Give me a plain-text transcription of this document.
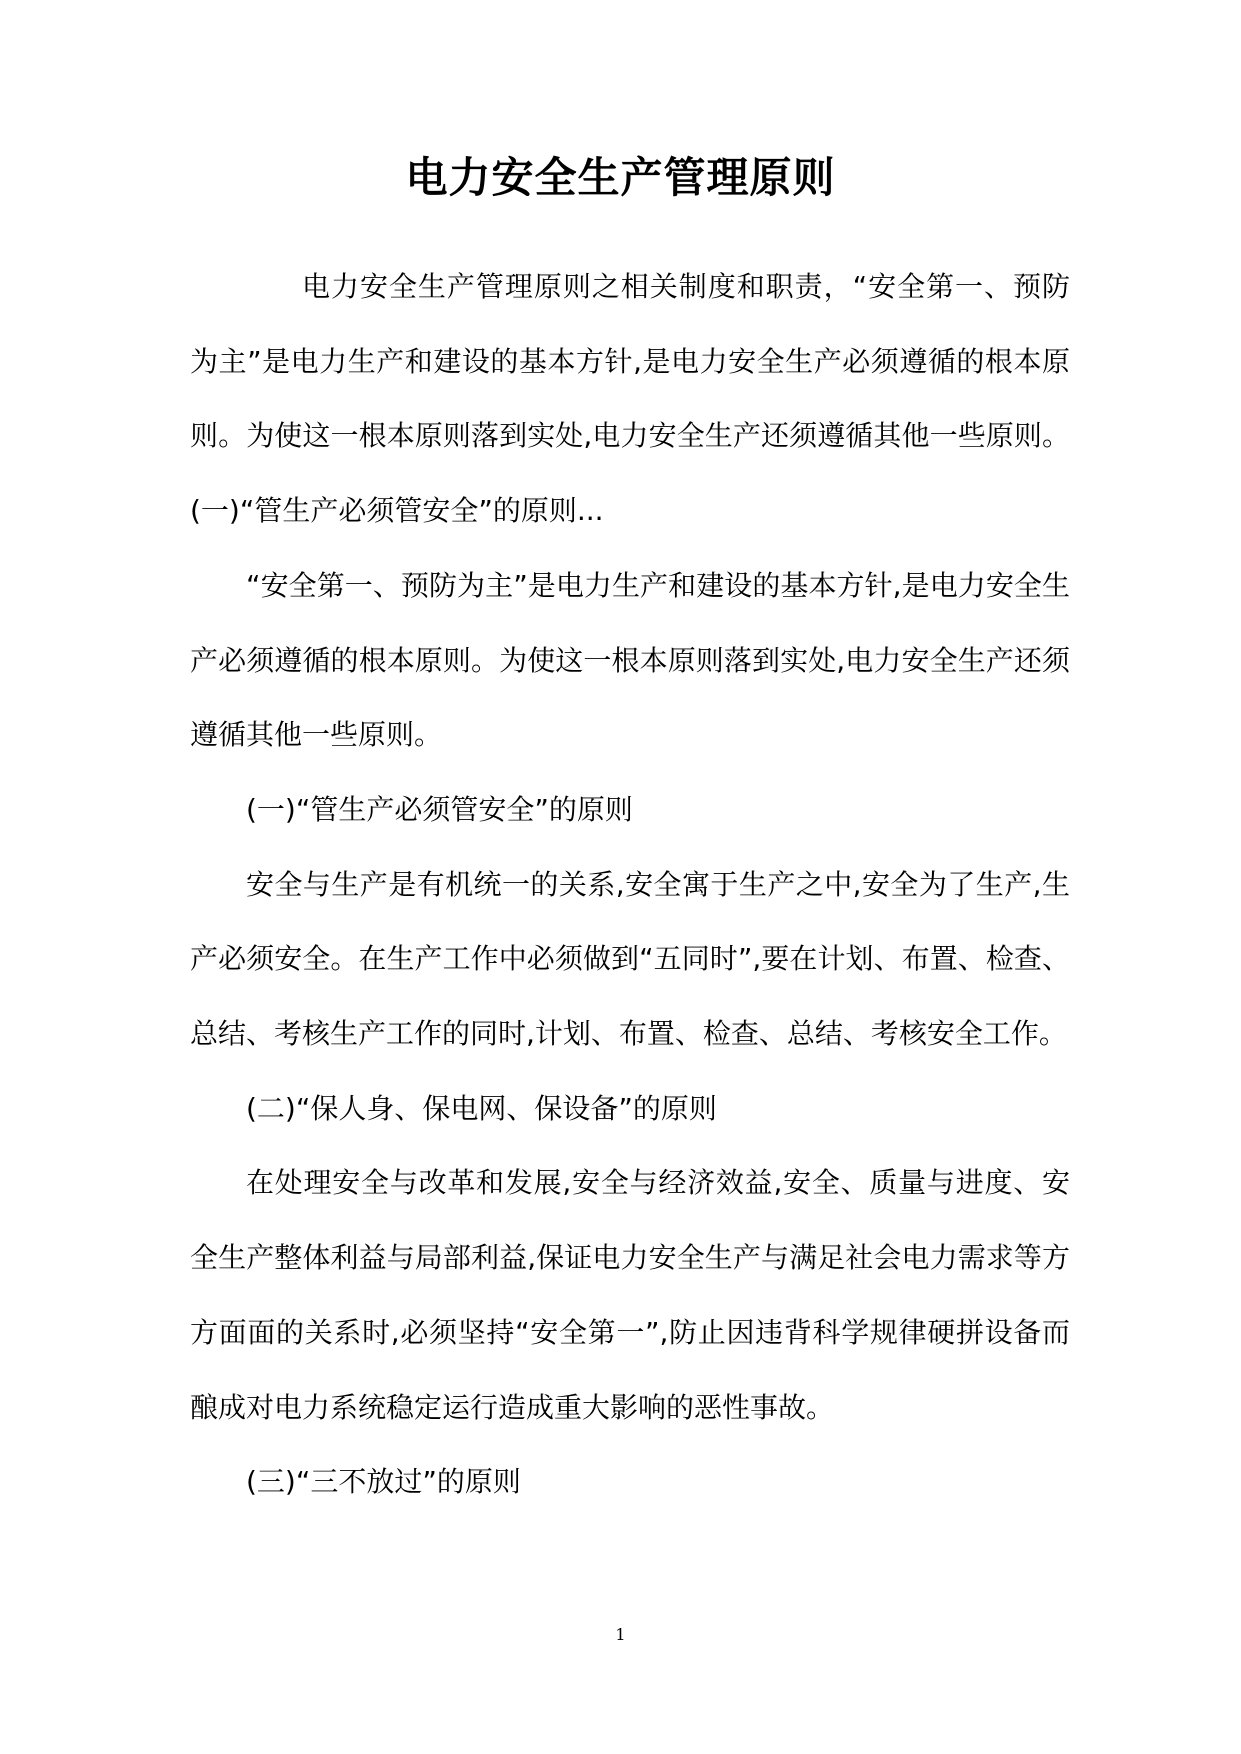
电力安全生产管理原则

电力安全生产管理原则之相关制度和职责，“安全第一、预防为主”是电力生产和建设的基本方针,是电力安全生产必须遵循的根本原则。为使这一根本原则落到实处,电力安全生产还须遵循其他一些原则。(一)“管生产必须管安全”的原则...

“安全第一、预防为主”是电力生产和建设的基本方针,是电力安全生产必须遵循的根本原则。为使这一根本原则落到实处,电力安全生产还须遵循其他一些原则。

(一)“管生产必须管安全”的原则

安全与生产是有机统一的关系,安全寓于生产之中,安全为了生产,生产必须安全。在生产工作中必须做到“五同时”,要在计划、布置、检查、总结、考核生产工作的同时,计划、布置、检查、总结、考核安全工作。

(二)“保人身、保电网、保设备”的原则

在处理安全与改革和发展,安全与经济效益,安全、质量与进度、安全生产整体利益与局部利益,保证电力安全生产与满足社会电力需求等方方面面的关系时,必须坚持“安全第一”,防止因违背科学规律硬拼设备而酿成对电力系统稳定运行造成重大影响的恶性事故。

(三)“三不放过”的原则

1
